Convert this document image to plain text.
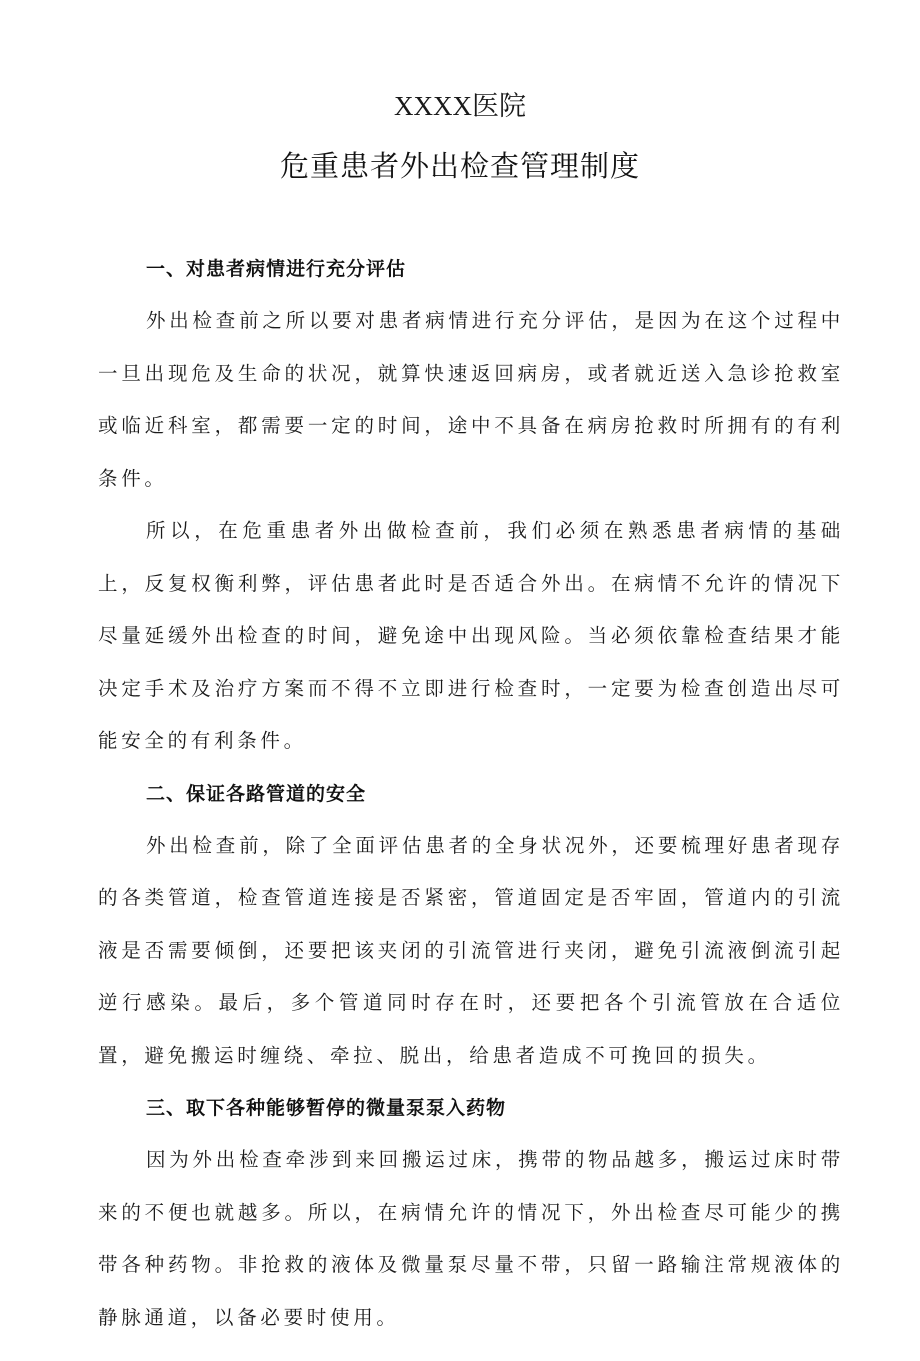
XXXX医院
危重患者外出检查管理制度
一、对患者病情进行充分评估

外出检查前之所以要对患者病情进行充分评估，是因为在这个过程中一旦出现危及生命的状况，就算快速返回病房，或者就近送入急诊抢救室或临近科室，都需要一定的时间，途中不具备在病房抢救时所拥有的有利条件。

所以，在危重患者外出做检查前，我们必须在熟悉患者病情的基础上，反复权衡利弊，评估患者此时是否适合外出。在病情不允许的情况下尽量延缓外出检查的时间，避免途中出现风险。当必须依靠检查结果才能决定手术及治疗方案而不得不立即进行检查时，一定要为检查创造出尽可能安全的有利条件。

二、保证各路管道的安全

外出检查前，除了全面评估患者的全身状况外，还要梳理好患者现存的各类管道，检查管道连接是否紧密，管道固定是否牢固，管道内的引流液是否需要倾倒，还要把该夹闭的引流管进行夹闭，避免引流液倒流引起逆行感染。最后，多个管道同时存在时，还要把各个引流管放在合适位置，避免搬运时缠绕、牵拉、脱出，给患者造成不可挽回的损失。

三、取下各种能够暂停的微量泵泵入药物

因为外出检查牵涉到来回搬运过床，携带的物品越多，搬运过床时带来的不便也就越多。所以，在病情允许的情况下，外出检查尽可能少的携带各种药物。非抢救的液体及微量泵尽量不带，只留一路输注常规液体的静脉通道，以备必要时使用。
